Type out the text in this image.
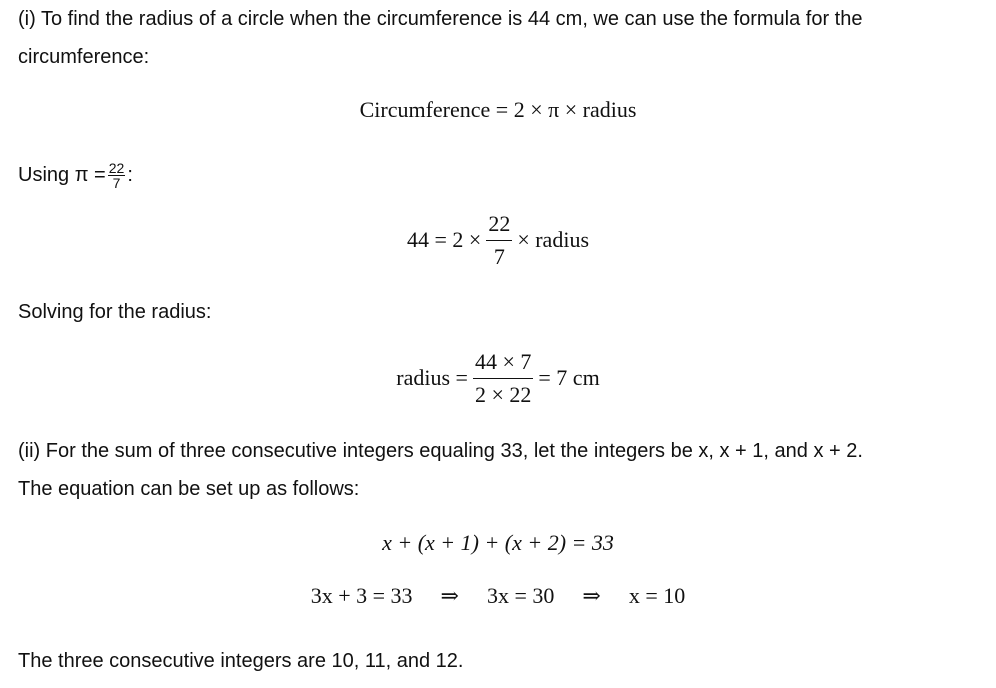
(i) To find the radius of a circle when the circumference is 44 cm, we can use the formula for the
circumference:
Circumference = 2 × π × radius
Using $\pi = \frac{22}{7}$ :
$44 = 2 \times \frac{22}{7}$ × radius
Solving for the radius:
radius = $\frac{44 \times 7}{2 \times 22} = 7$ cm
(ii) For the sum of three consecutive integers equaling 33, let the integers be x, x + 1, and x + 2.
The equation can be set up as follows:
x + (x + 1) + (x + 2) = 33
3x + 3 = 33 ⇒ 3x = 30 ⇒ x = 10
The three consecutive integers are 10, 11, and 12.
